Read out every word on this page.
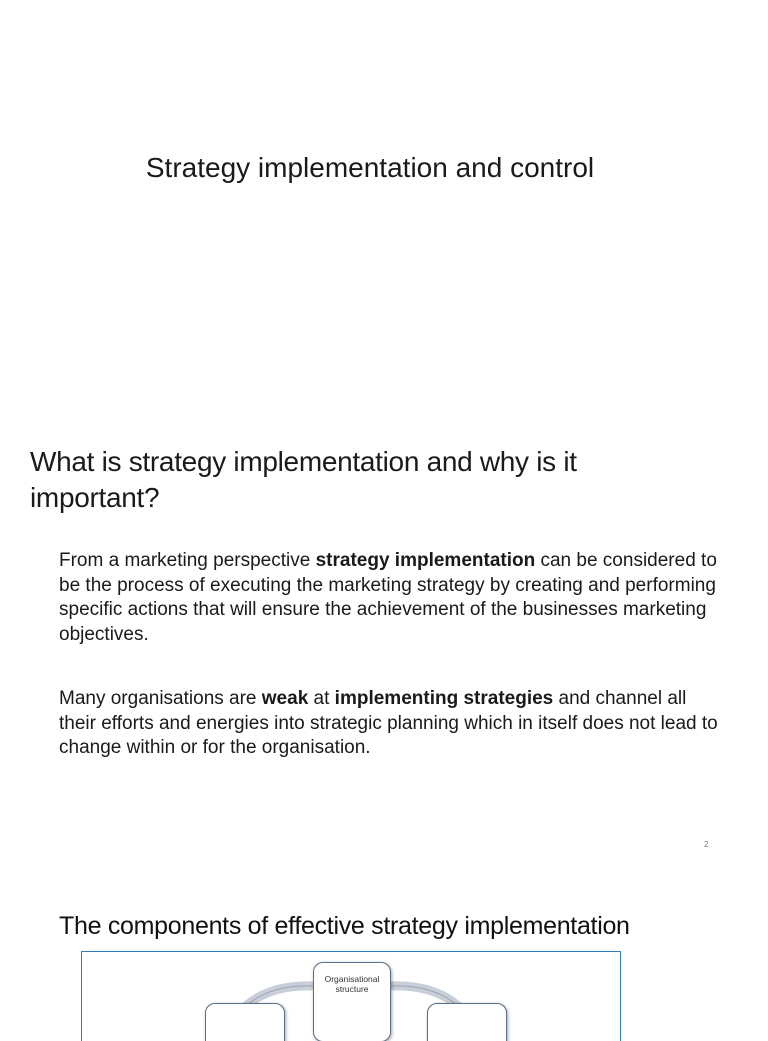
Strategy implementation and control
What is strategy implementation and why is it
important?

From a marketing perspective strategy implementation can be considered to be the process of executing the marketing strategy by creating and performing specific actions that will ensure the achievement of the businesses marketing objectives.

Many organisations are weak at implementing strategies and channel all their efforts and energies into strategic planning which in itself does not lead to change within or for the organisation.

2
The components of effective strategy implementation
Organisational
structure
